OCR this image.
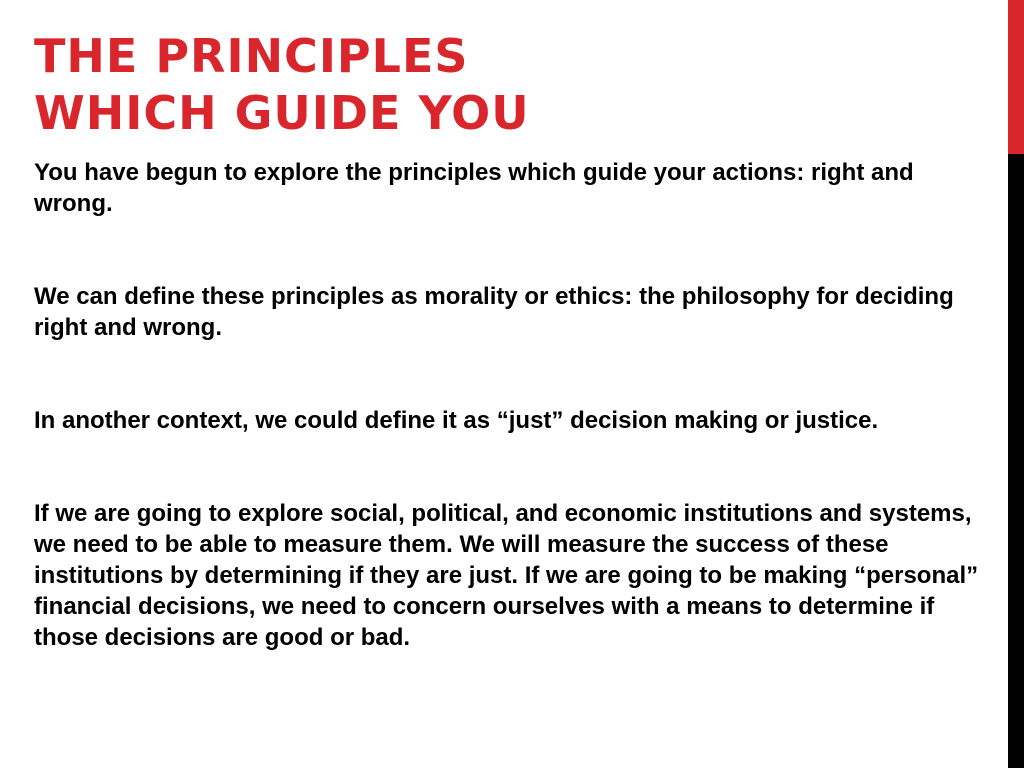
THE PRINCIPLES
WHICH GUIDE YOU

You have begun to explore the principles which guide your actions: right and wrong.

We can define these principles as morality or ethics: the philosophy for deciding right and wrong.

In another context, we could define it as “just” decision making or justice.

If we are going to explore social, political, and economic institutions and systems, we need to be able to measure them. We will measure the success of these institutions by determining if they are just. If we are going to be making “personal” financial decisions, we need to concern ourselves with a means to determine if those decisions are good or bad.
